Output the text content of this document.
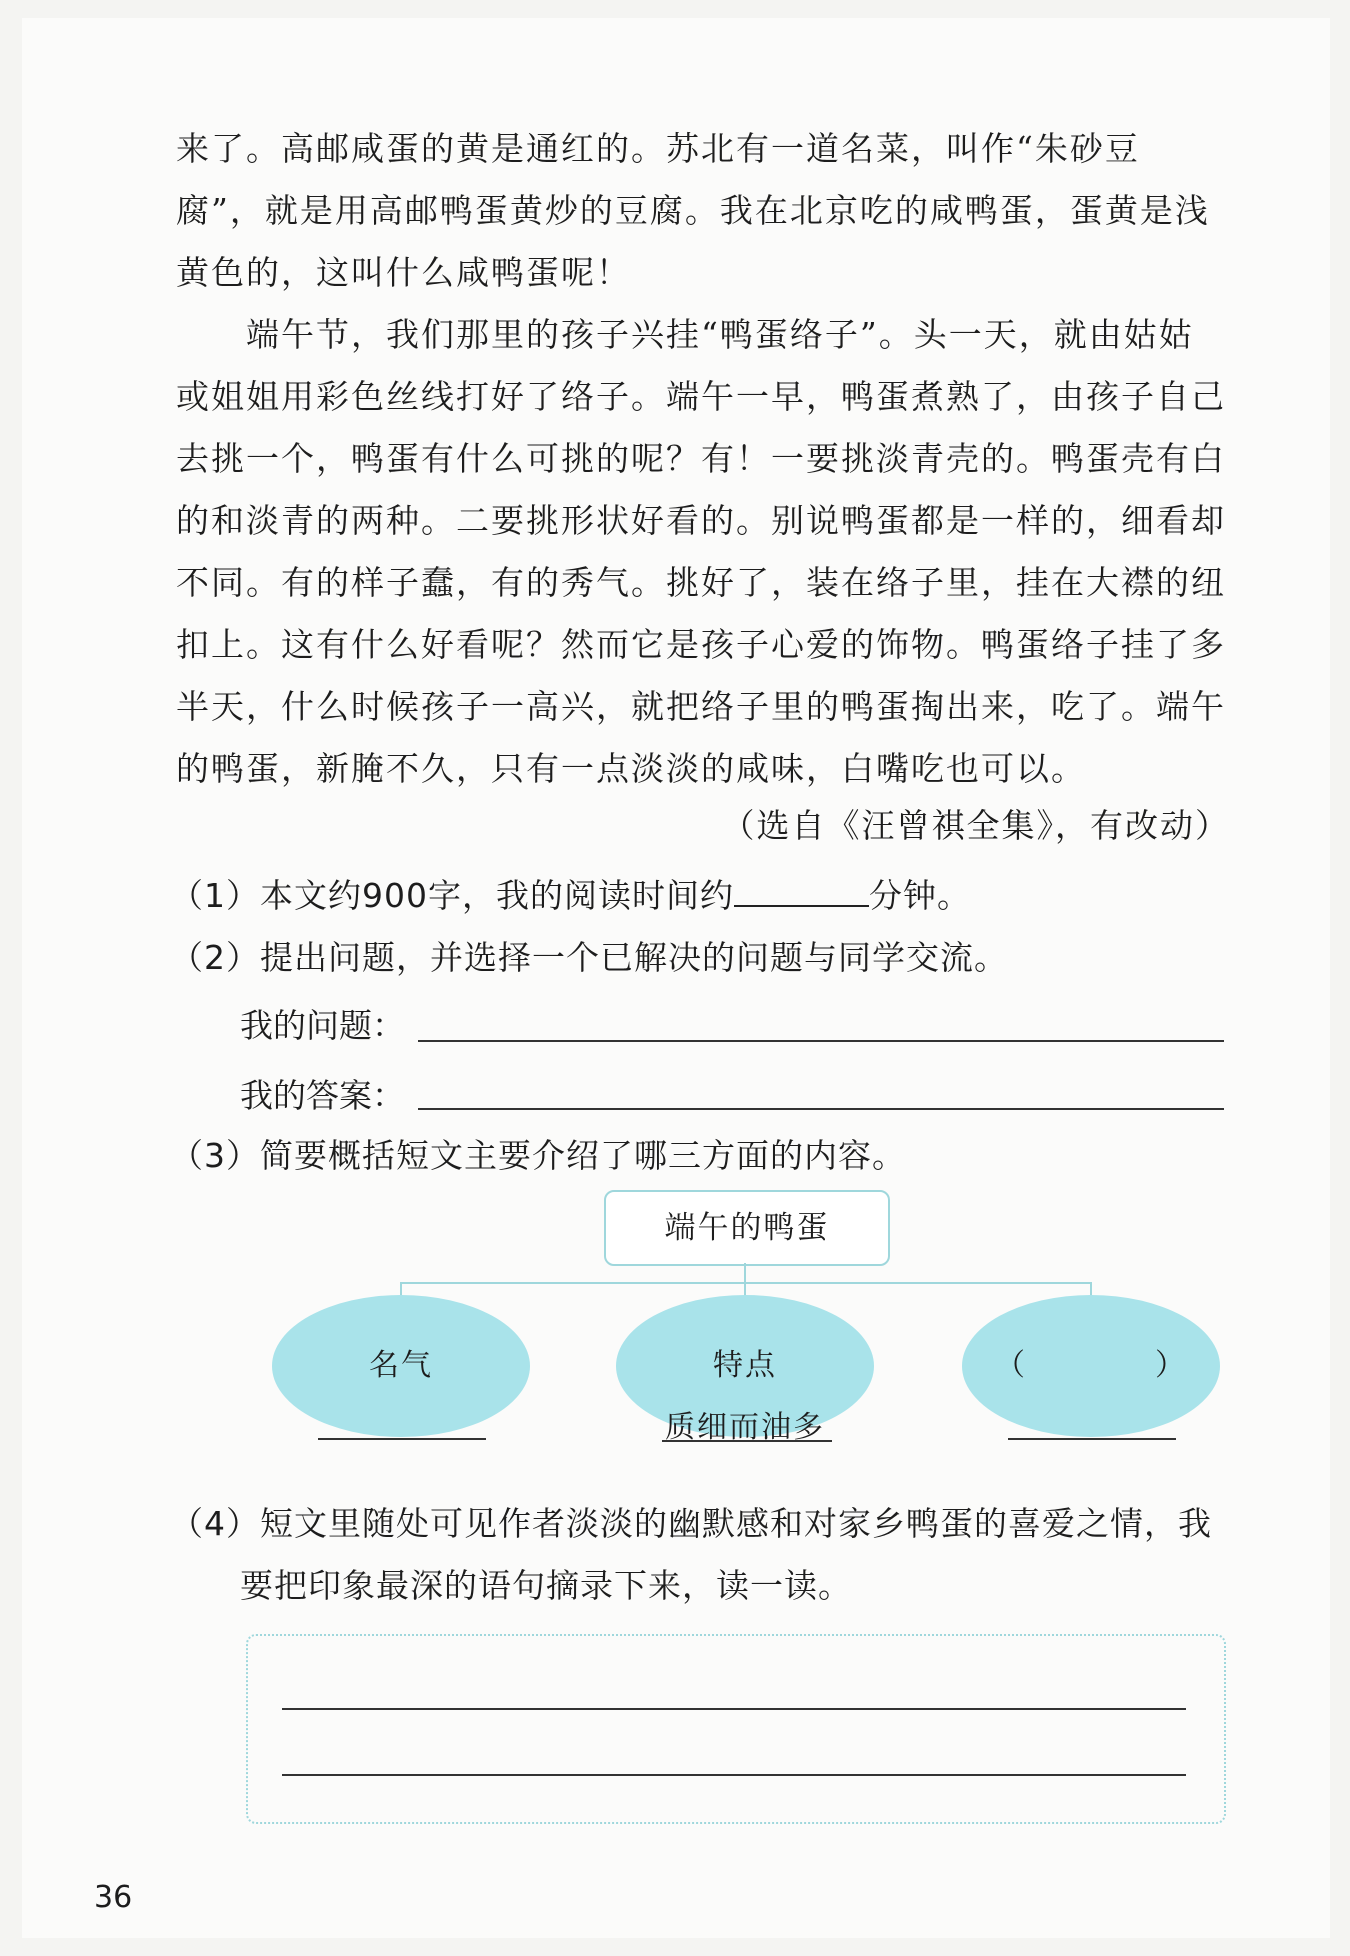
来了。高邮咸蛋的黄是通红的。苏北有一道名菜，叫作“朱砂豆腐”，就是用高邮鸭蛋黄炒的豆腐。我在北京吃的咸鸭蛋，蛋黄是浅黄色的，这叫什么咸鸭蛋呢！

端午节，我们那里的孩子兴挂“鸭蛋络子”。头一天，就由姑姑或姐姐用彩色丝线打好了络子。端午一早，鸭蛋煮熟了，由孩子自己去挑一个，鸭蛋有什么可挑的呢？有！一要挑淡青壳的。鸭蛋壳有白的和淡青的两种。二要挑形状好看的。别说鸭蛋都是一样的，细看却不同。有的样子蠢，有的秀气。挑好了，装在络子里，挂在大襟的纽扣上。这有什么好看呢？然而它是孩子心爱的饰物。鸭蛋络子挂了多半天，什么时候孩子一高兴，就把络子里的鸭蛋掏出来，吃了。端午的鸭蛋，新腌不久，只有一点淡淡的咸味，白嘴吃也可以。

（选自《汪曾祺全集》，有改动）
（1）本文约900字，我的阅读时间约	分钟。
（2）提出问题，并选择一个已解决的问题与同学交流。
我的问题：
我的答案：
（3）简要概括短文主要介绍了哪三方面的内容。
端午的鸭蛋
名气	特点
质细而油多
（　　　　）
（4）短文里随处可见作者淡淡的幽默感和对家乡鸭蛋的喜爱之情，我
要把印象最深的语句摘录下来，读一读。
36
